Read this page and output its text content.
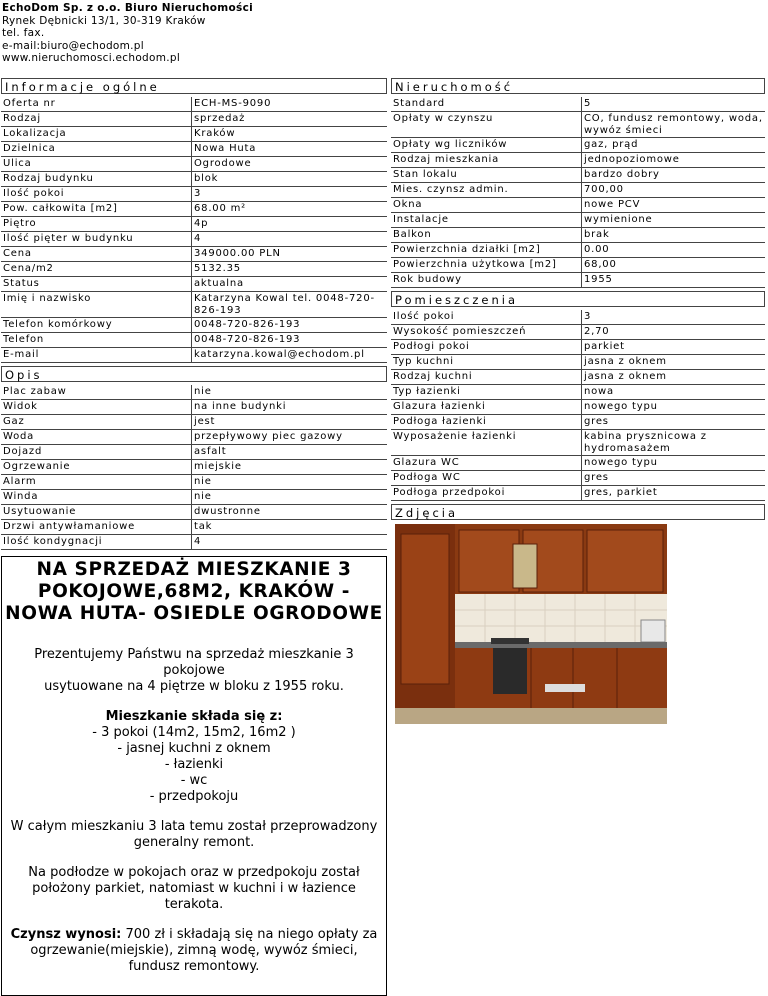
EchoDom Sp. z o.o. Biuro Nieruchomości
Rynek Dębnicki 13/1, 30-319 Kraków
tel. fax.
e-mail:biuro@echodom.pl
www.nieruchomosci.echodom.pl
Informacje ogólne
Oferta nr	ECH-MS-9090
Rodzaj	sprzedaż
Lokalizacja	Kraków
Dzielnica	Nowa Huta
Ulica	Ogrodowe
Rodzaj budynku	blok
Ilość pokoi	3
Pow. całkowita [m2]	68.00 m²
Piętro	4p
Ilość pięter w budynku	4
Cena	349000.00 PLN
Cena/m2	5132.35
Status	aktualna
Imię i nazwisko	Katarzyna Kowal tel. 0048-720-826-193
Telefon komórkowy	0048-720-826-193
Telefon	0048-720-826-193
E-mail	katarzyna.kowal@echodom.pl
Opis
Plac zabaw	nie
Widok	na inne budynki
Gaz	jest
Woda	przepływowy piec gazowy
Dojazd	asfalt
Ogrzewanie	miejskie
Alarm	nie
Winda	nie
Usytuowanie	dwustronne
Drzwi antywłamaniowe	tak
Ilość kondygnacji	4
NA SPRZEDAŻ MIESZKANIE 3 POKOJOWE,68M2, KRAKÓW -NOWA HUTA- OSIEDLE OGRODOWE

Prezentujemy Państwu na sprzedaż mieszkanie 3 pokojowe
usytuowane na 4 piętrze w bloku z 1955 roku.

Mieszkanie składa się z:
- 3 pokoi (14m2, 15m2, 16m2 )
- jasnej kuchni z oknem
- łazienki
- wc
- przedpokoju

W całym mieszkaniu 3 lata temu został przeprowadzony generalny remont.

Na podłodze w pokojach oraz w przedpokoju został położony parkiet, natomiast w kuchni i w łazience terakota.

Czynsz wynosi: 700 zł i składają się na niego opłaty za ogrzewanie(miejskie), zimną wodę, wywóz śmieci, fundusz remontowy.

Nieruchomość
Standard	5
Opłaty w czynszu	CO, fundusz remontowy, woda, wywóz śmieci
Opłaty wg liczników	gaz, prąd
Rodzaj mieszkania	jednopoziomowe
Stan lokalu	bardzo dobry
Mies. czynsz admin.	700,00
Okna	nowe PCV
Instalacje	wymienione
Balkon	brak
Powierzchnia działki [m2]	0.00
Powierzchnia użytkowa [m2]	68,00
Rok budowy	1955
Pomieszczenia
Ilość pokoi	3
Wysokość pomieszczeń	2,70
Podłogi pokoi	parkiet
Typ kuchni	jasna z oknem
Rodzaj kuchni	jasna z oknem
Typ łazienki	nowa
Glazura łazienki	nowego typu
Podłoga łazienki	gres
Wyposażenie łazienki	kabina prysznicowa z hydromasażem
Glazura WC	nowego typu
Podłoga WC	gres
Podłoga przedpokoi	gres, parkiet
Zdjęcia
